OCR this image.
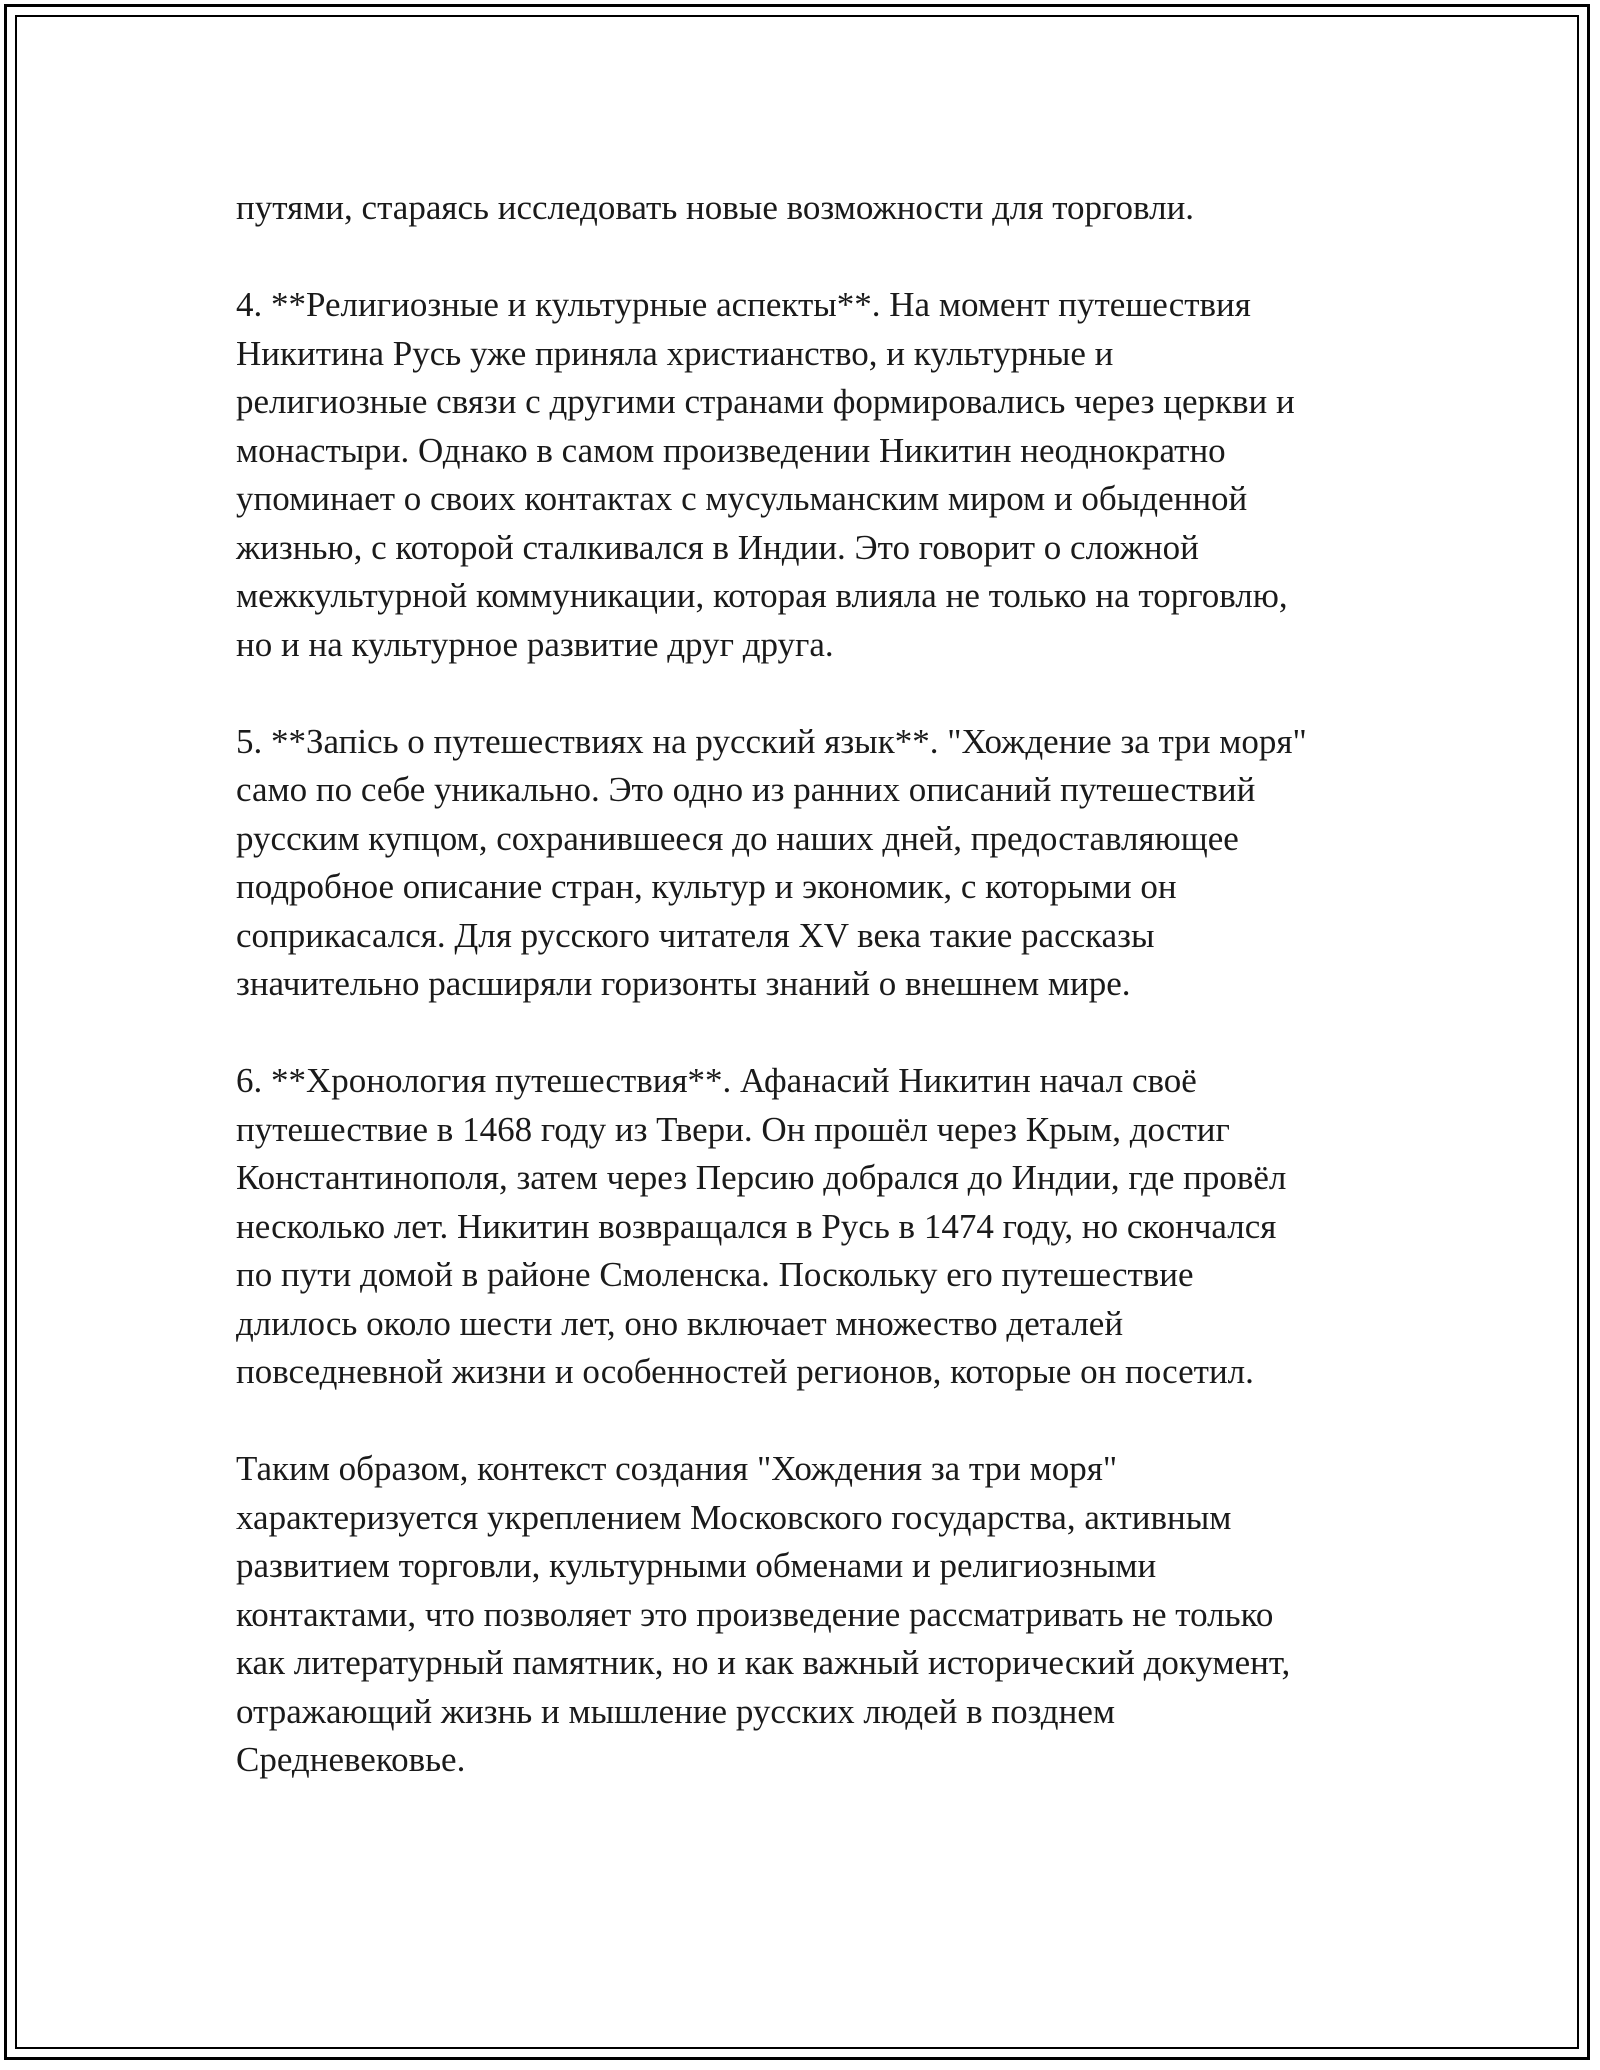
путями, стараясь исследовать новые возможности для торговли.

4. **Религиозные и культурные аспекты**. На момент путешествия
Никитина Русь уже приняла христианство, и культурные и
религиозные связи с другими странами формировались через церкви и
монастыри. Однако в самом произведении Никитин неоднократно
упоминает о своих контактах с мусульманским миром и обыденной
жизнью, с которой сталкивался в Индии. Это говорит о сложной
межкультурной коммуникации, которая влияла не только на торговлю,
но и на культурное развитие друг друга.

5. **Запісь о путешествиях на русский язык**. "Хождение за три моря"
само по себе уникально. Это одно из ранних описаний путешествий
русским купцом, сохранившееся до наших дней, предоставляющее
подробное описание стран, культур и экономик, с которыми он
соприкасался. Для русского читателя XV века такие рассказы
значительно расширяли горизонты знаний о внешнем мире.

6. **Хронология путешествия**. Афанасий Никитин начал своё
путешествие в 1468 году из Твери. Он прошёл через Крым, достиг
Константинополя, затем через Персию добрался до Индии, где провёл
несколько лет. Никитин возвращался в Русь в 1474 году, но скончался
по пути домой в районе Смоленска. Поскольку его путешествие
длилось около шести лет, оно включает множество деталей
повседневной жизни и особенностей регионов, которые он посетил.

Таким образом, контекст создания "Хождения за три моря"
характеризуется укреплением Московского государства, активным
развитием торговли, культурными обменами и религиозными
контактами, что позволяет это произведение рассматривать не только
как литературный памятник, но и как важный исторический документ,
отражающий жизнь и мышление русских людей в позднем
Средневековье.
